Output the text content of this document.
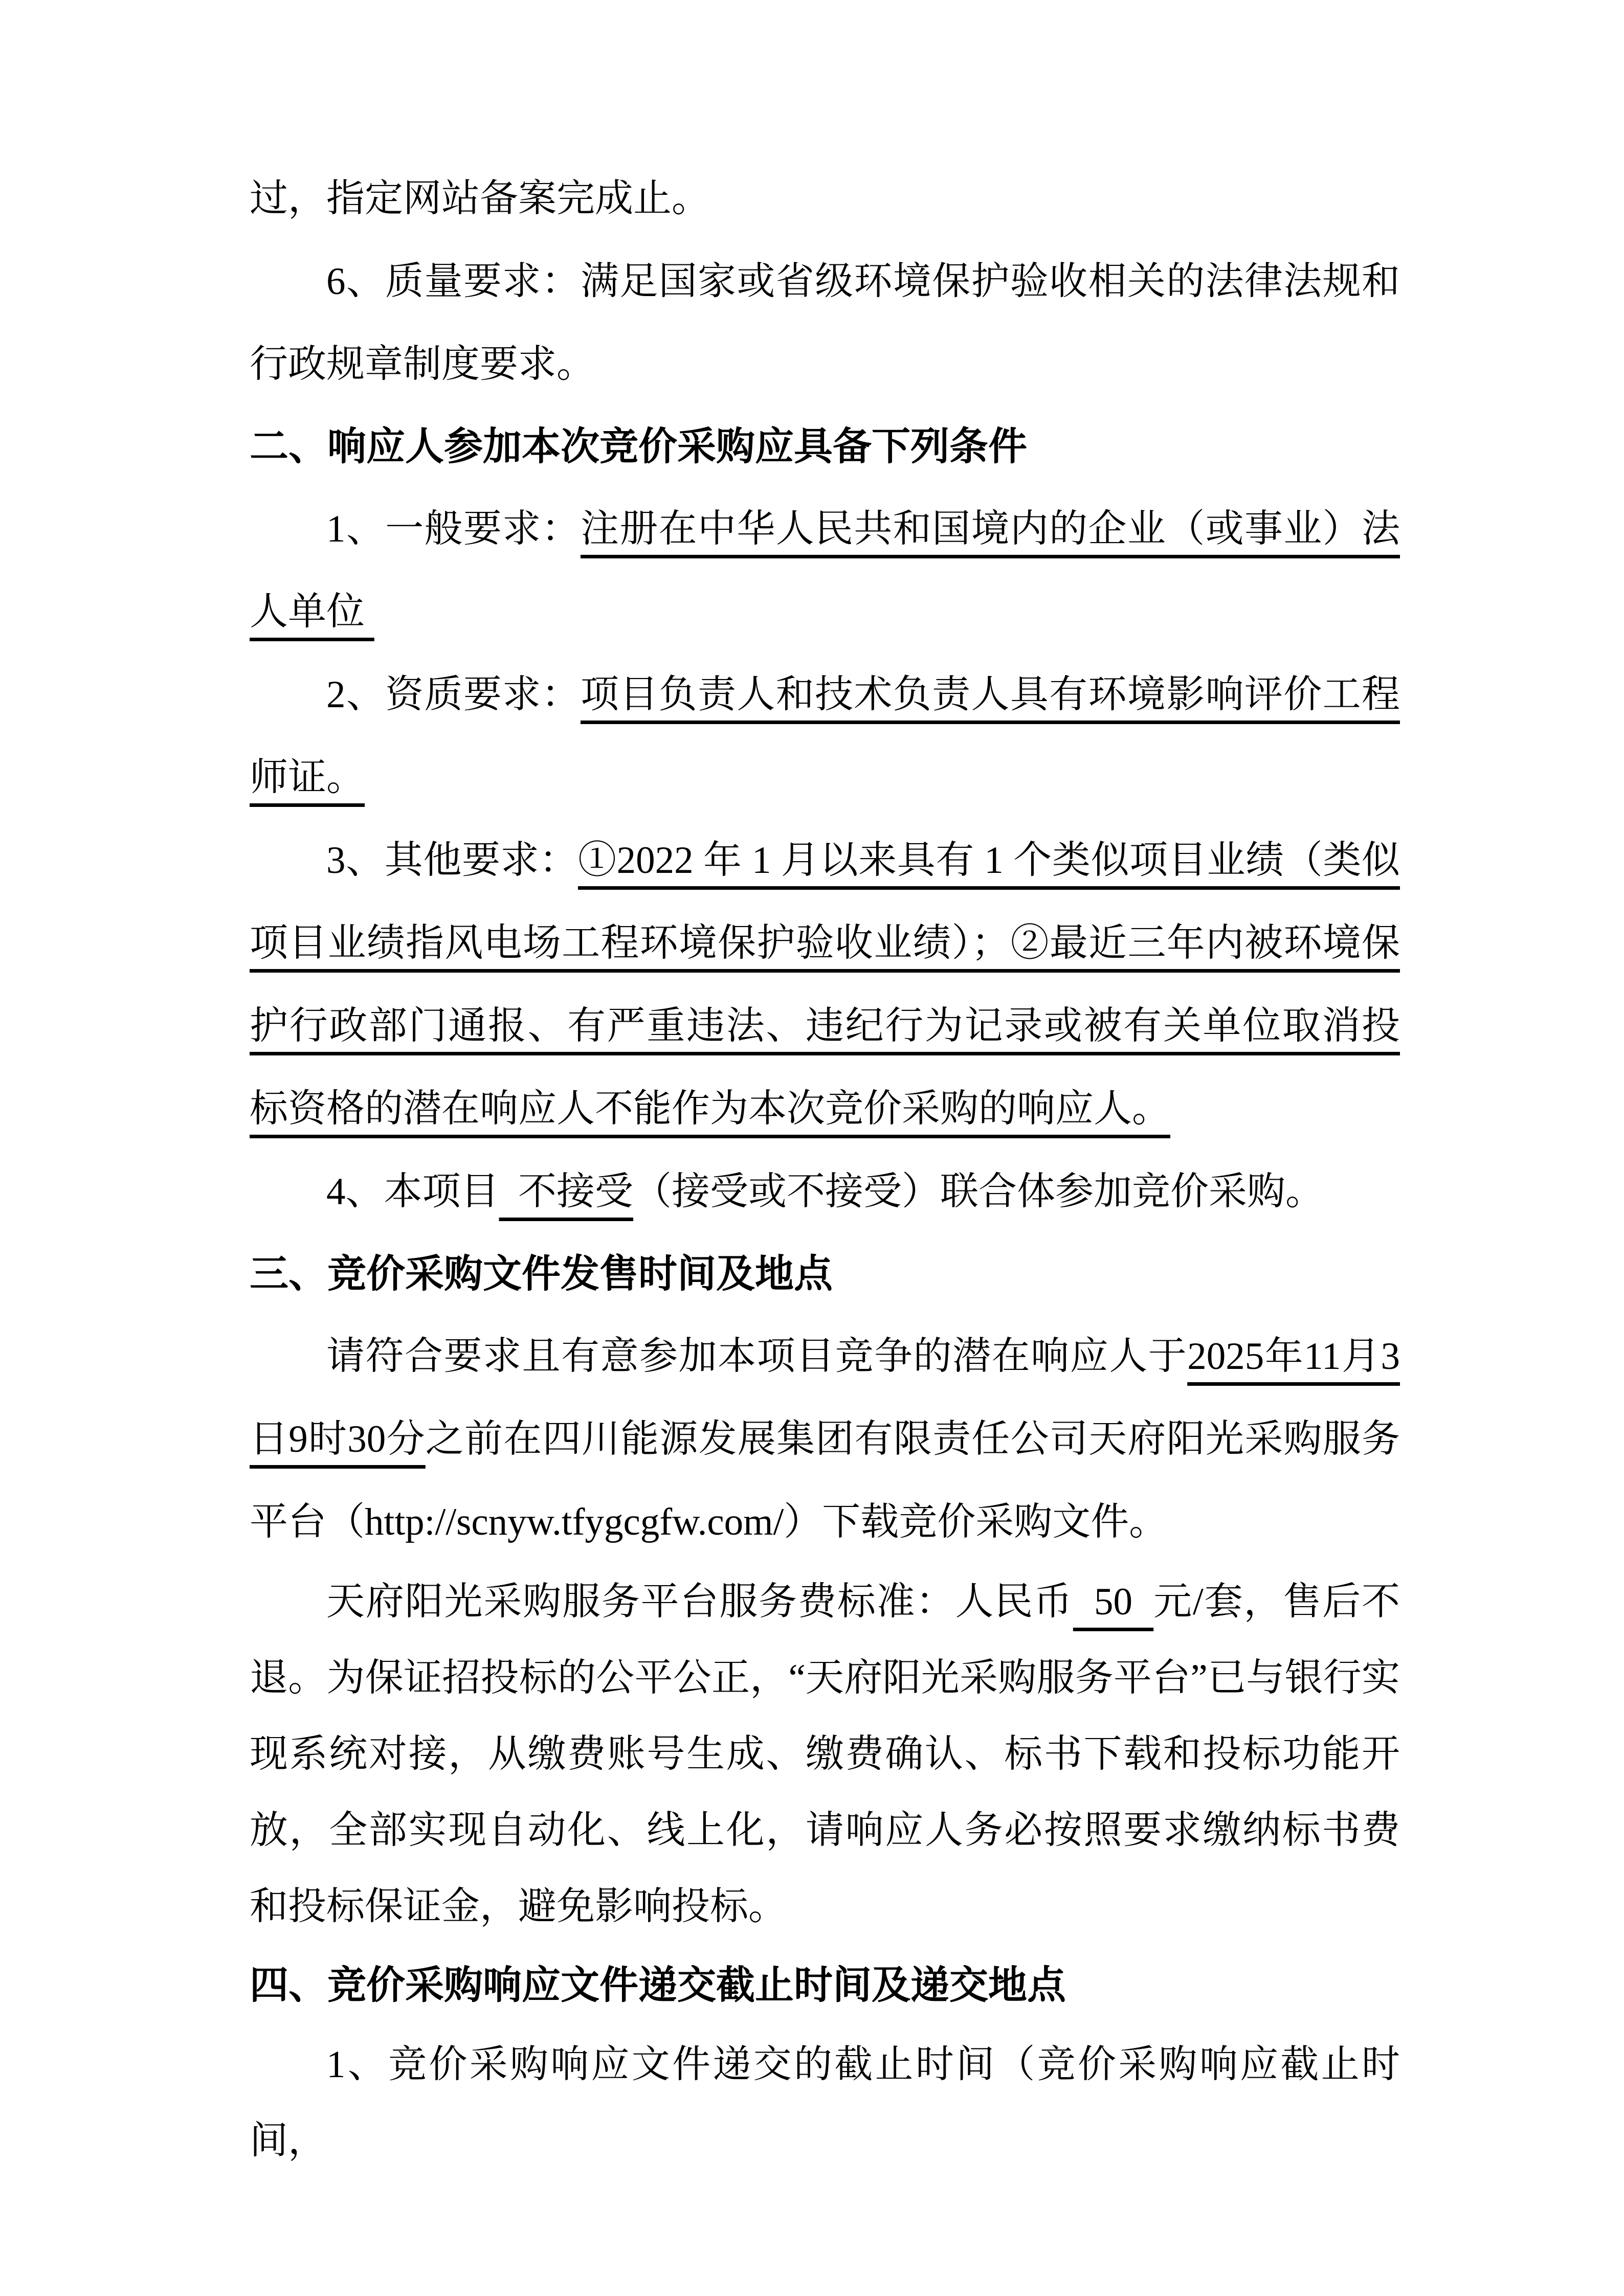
过，指定网站备案完成止。

6、质量要求：满足国家或省级环境保护验收相关的法律法规和行政规章制度要求。

二、响应人参加本次竞价采购应具备下列条件

1、一般要求：注册在中华人民共和国境内的企业（或事业）法人单位

2、资质要求：项目负责人和技术负责人具有环境影响评价工程师证。

3、其他要求：①2022 年 1 月以来具有 1 个类似项目业绩（类似项目业绩指风电场工程环境保护验收业绩）；②最近三年内被环境保护行政部门通报、有严重违法、违纪行为记录或被有关单位取消投标资格的潜在响应人不能作为本次竞价采购的响应人。

4、本项目  不接受（接受或不接受）联合体参加竞价采购。

三、竞价采购文件发售时间及地点

请符合要求且有意参加本项目竞争的潜在响应人于2025年11月3日9时30分之前在四川能源发展集团有限责任公司天府阳光采购服务平台（http://scnyw.tfygcgfw.com/）下载竞价采购文件。

天府阳光采购服务平台服务费标准：人民币  50  元/套，售后不退。为保证招投标的公平公正，“天府阳光采购服务平台”已与银行实现系统对接，从缴费账号生成、缴费确认、标书下载和投标功能开放，全部实现自动化、线上化，请响应人务必按照要求缴纳标书费和投标保证金，避免影响投标。

四、竞价采购响应文件递交截止时间及递交地点

1、竞价采购响应文件递交的截止时间（竞价采购响应截止时间，
